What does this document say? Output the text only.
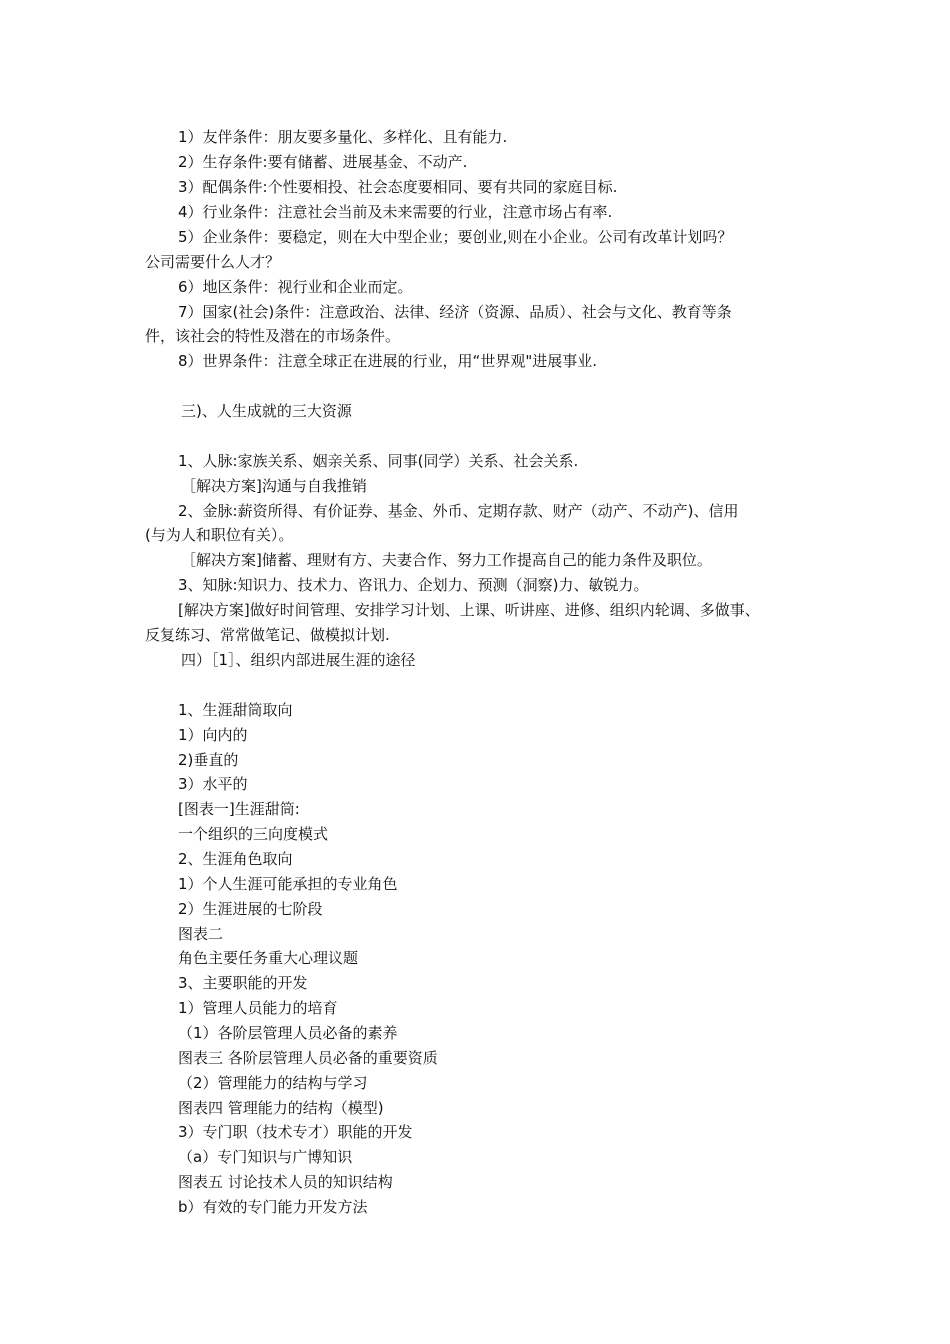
1）友伴条件：朋友要多量化、多样化、且有能力.
2）生存条件:要有储蓄、进展基金、不动产.
3）配偶条件:个性要相投、社会态度要相同、要有共同的家庭目标.
4）行业条件：注意社会当前及未来需要的行业，注意市场占有率.
5）企业条件：要稳定，则在大中型企业；要创业,则在小企业。公司有改革计划吗？
公司需要什么人才？
6）地区条件：视行业和企业而定。
7）国家(社会)条件：注意政治、法律、经济（资源、品质）、社会与文化、教育等条
件，该社会的特性及潜在的市场条件。
8）世界条件：注意全球正在进展的行业，用“世界观"进展事业.
三)、人生成就的三大资源
1、人脉:家族关系、姻亲关系、同事(同学）关系、社会关系.
［解决方案]沟通与自我推销
2、金脉:薪资所得、有价证券、基金、外币、定期存款、财产（动产、不动产)、信用
(与为人和职位有关）。
［解决方案]储蓄、理财有方、夫妻合作、努力工作提高自己的能力条件及职位。
3、知脉:知识力、技术力、咨讯力、企划力、预测（洞察)力、敏锐力。
[解决方案]做好时间管理、安排学习计划、上课、听讲座、进修、组织内轮调、多做事、
反复练习、常常做笔记、做模拟计划.
四）［1］、组织内部进展生涯的途径
1、生涯甜筒取向
1）向内的
2)垂直的
3）水平的
[图表一]生涯甜筒:
一个组织的三向度模式
2、生涯角色取向
1）个人生涯可能承担的专业角色
2）生涯进展的七阶段
图表二
角色主要任务重大心理议题
3、主要职能的开发
1）管理人员能力的培育
（1）各阶层管理人员必备的素养
图表三 各阶层管理人员必备的重要资质
（2）管理能力的结构与学习
图表四 管理能力的结构（模型)
3）专门职（技术专才）职能的开发
（a）专门知识与广博知识
图表五 讨论技术人员的知识结构
b）有效的专门能力开发方法
